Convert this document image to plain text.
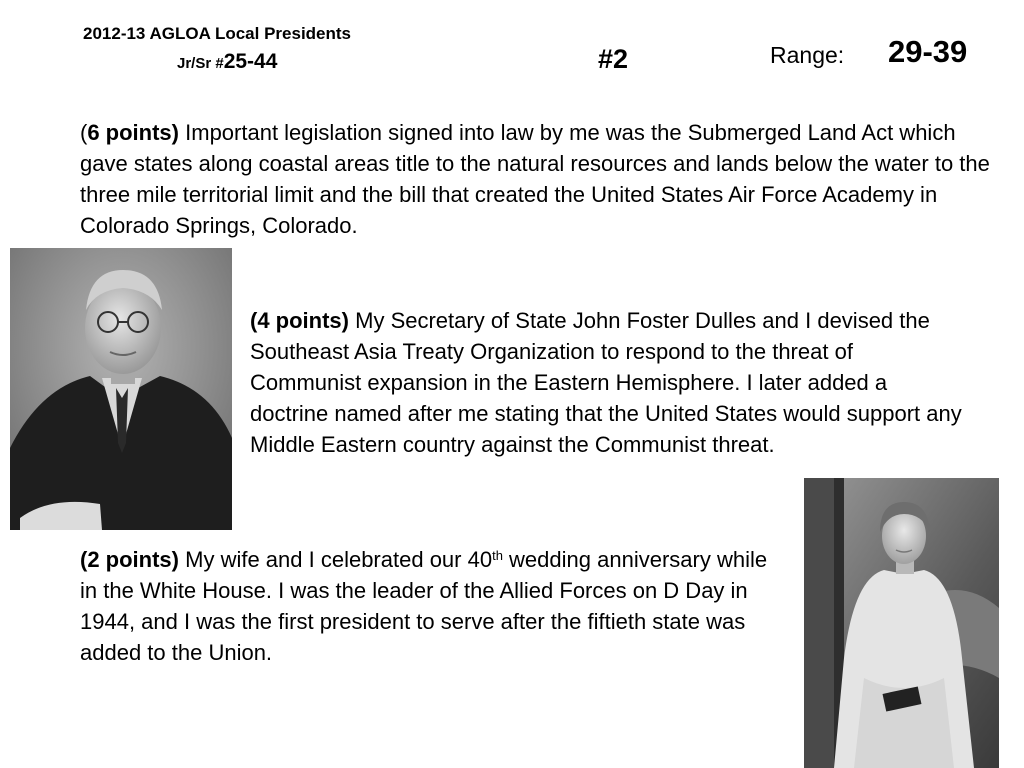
2012-13 AGLOA Local Presidents
Jr/Sr #25-44	#2	Range: 29-39
(6 points) Important legislation signed into law by me was the Submerged Land Act which gave states along coastal areas title to the natural resources and lands below the water to the three mile territorial limit and the bill that created the United States Air Force Academy in Colorado Springs, Colorado.
(4 points) My Secretary of State John Foster Dulles and I devised the Southeast Asia Treaty Organization to respond to the threat of Communist expansion in the Eastern Hemisphere. I later added a doctrine named after me stating that the United States would support any Middle Eastern country against the Communist threat.
(2 points) My wife and I celebrated our 40th wedding anniversary while in the White House. I was the leader of the Allied Forces on D Day in 1944, and I was the first president to serve after the fiftieth state was added to the Union.
